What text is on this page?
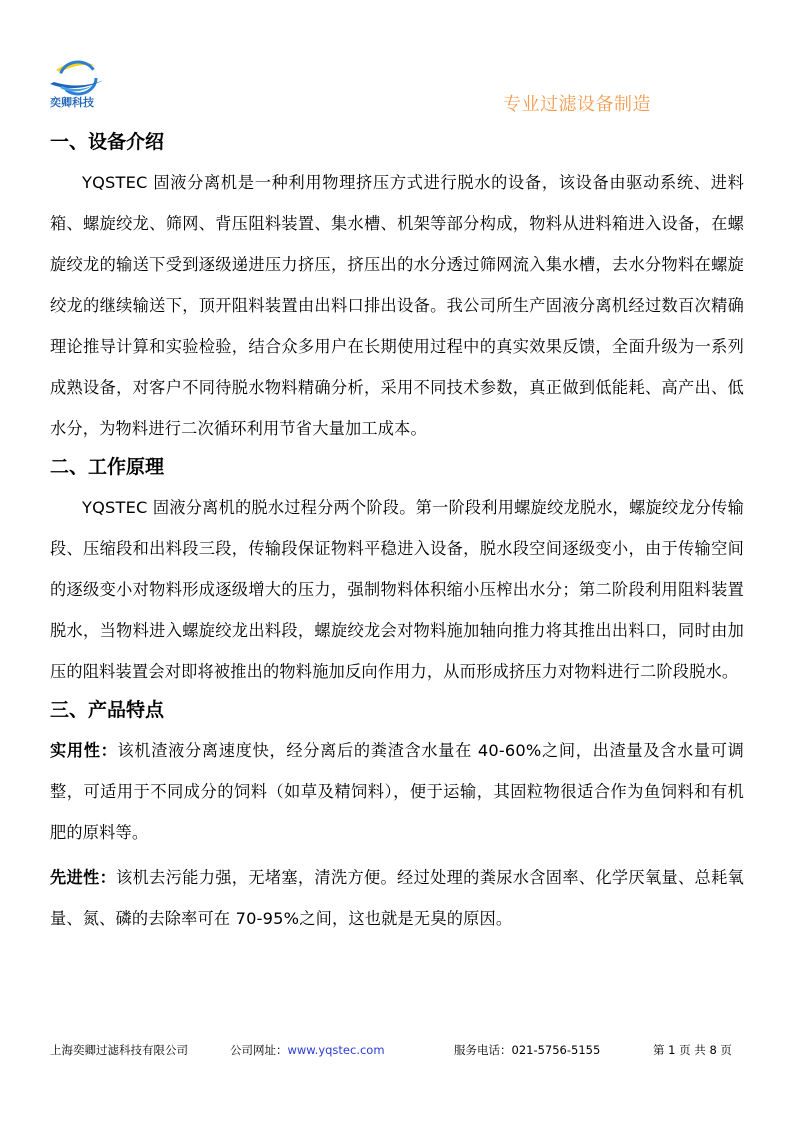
奕卿科技	专业过滤设备制造
一、设备介绍

YQSTEC 固液分离机是一种利用物理挤压方式进行脱水的设备，该设备由驱动系统、进料箱、螺旋绞龙、筛网、背压阻料装置、集水槽、机架等部分构成，物料从进料箱进入设备，在螺旋绞龙的输送下受到逐级递进压力挤压，挤压出的水分透过筛网流入集水槽，去水分物料在螺旋绞龙的继续输送下，顶开阻料装置由出料口排出设备。我公司所生产固液分离机经过数百次精确理论推导计算和实验检验，结合众多用户在长期使用过程中的真实效果反馈，全面升级为一系列成熟设备，对客户不同待脱水物料精确分析，采用不同技术参数，真正做到低能耗、高产出、低水分，为物料进行二次循环利用节省大量加工成本。

二、工作原理

YQSTEC 固液分离机的脱水过程分两个阶段。第一阶段利用螺旋绞龙脱水，螺旋绞龙分传输段、压缩段和出料段三段，传输段保证物料平稳进入设备，脱水段空间逐级变小，由于传输空间的逐级变小对物料形成逐级增大的压力，强制物料体积缩小压榨出水分；第二阶段利用阻料装置脱水，当物料进入螺旋绞龙出料段，螺旋绞龙会对物料施加轴向推力将其推出出料口，同时由加压的阻料装置会对即将被推出的物料施加反向作用力，从而形成挤压力对物料进行二阶段脱水。

三、产品特点

实用性：该机渣液分离速度快，经分离后的粪渣含水量在 40-60%之间，出渣量及含水量可调整，可适用于不同成分的饲料（如草及精饲料），便于运输，其固粒物很适合作为鱼饲料和有机肥的原料等。

先进性：该机去污能力强，无堵塞，清洗方便。经过处理的粪尿水含固率、化学厌氧量、总耗氧量、氮、磷的去除率可在 70-95%之间，这也就是无臭的原因。

上海奕卿过滤科技有限公司	公司网址：www.yqstec.com	服务电话：021-5756-5155	第 1 页 共 8 页
